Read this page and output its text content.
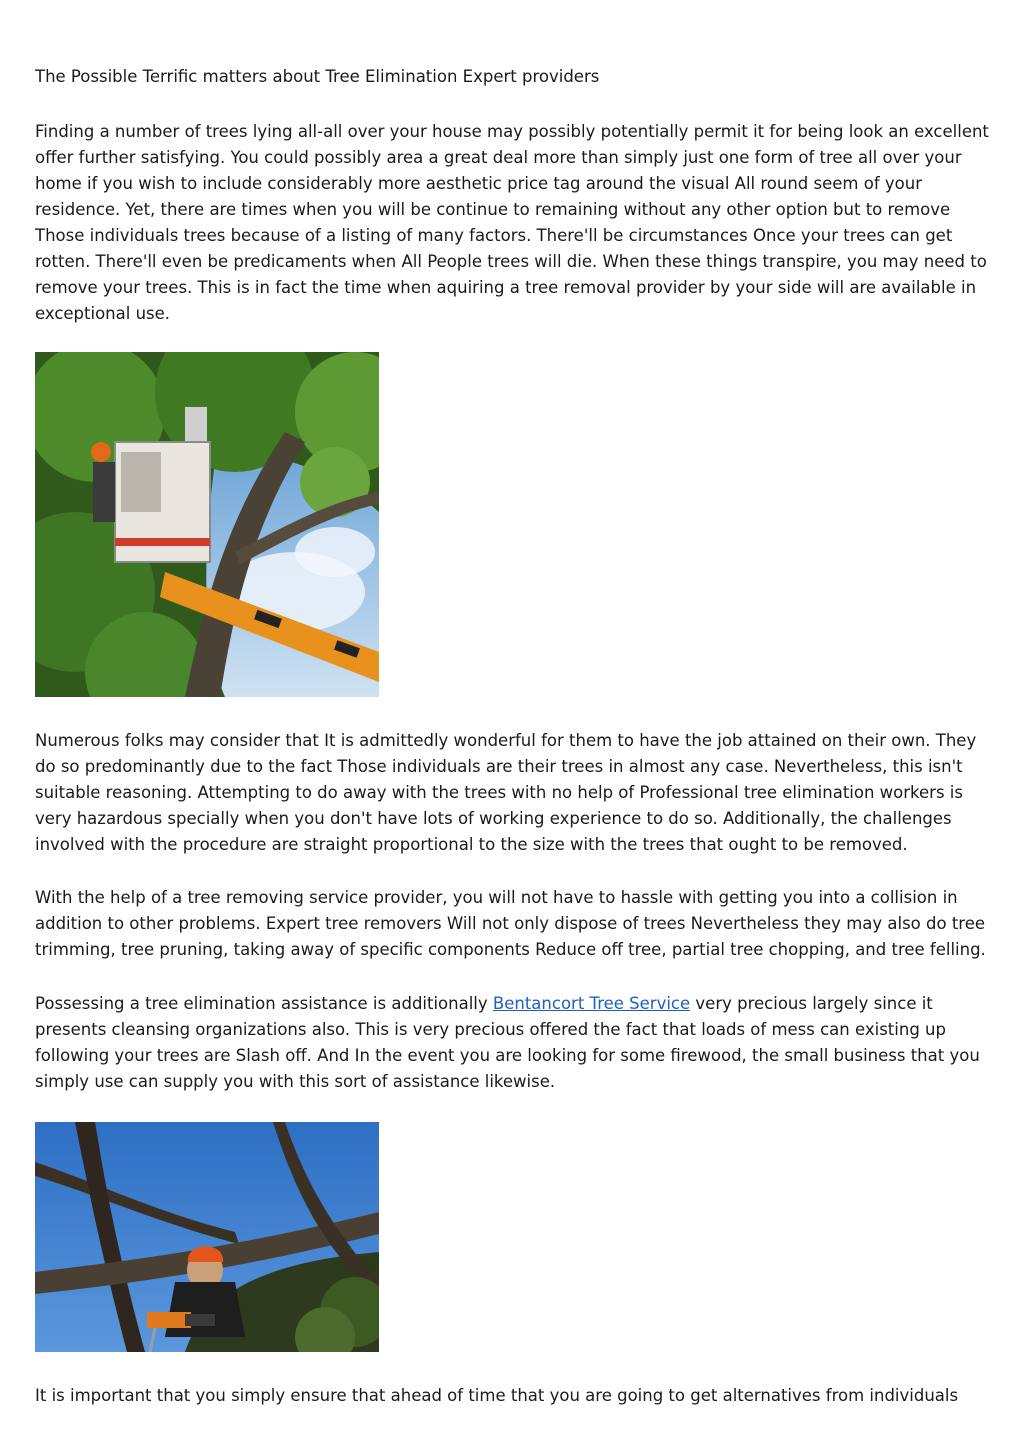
The Possible Terrific matters about Tree Elimination Expert providers

Finding a number of trees lying all-all over your house may possibly potentially permit it for being look an excellent offer further satisfying. You could possibly area a great deal more than simply just one form of tree all over your home if you wish to include considerably more aesthetic price tag around the visual All round seem of your residence. Yet, there are times when you will be continue to remaining without any other option but to remove Those individuals trees because of a listing of many factors. There'll be circumstances Once your trees can get rotten. There'll even be predicaments when All People trees will die. When these things transpire, you may need to remove your trees. This is in fact the time when aquiring a tree removal provider by your side will are available in exceptional use.

Numerous folks may consider that It is admittedly wonderful for them to have the job attained on their own. They do so predominantly due to the fact Those individuals are their trees in almost any case. Nevertheless, this isn't suitable reasoning. Attempting to do away with the trees with no help of Professional tree elimination workers is very hazardous specially when you don't have lots of working experience to do so. Additionally, the challenges involved with the procedure are straight proportional to the size with the trees that ought to be removed.

With the help of a tree removing service provider, you will not have to hassle with getting you into a collision in addition to other problems. Expert tree removers Will not only dispose of trees Nevertheless they may also do tree trimming, tree pruning, taking away of specific components Reduce off tree, partial tree chopping, and tree felling.

Possessing a tree elimination assistance is additionally Bentancort Tree Service very precious largely since it presents cleansing organizations also. This is very precious offered the fact that loads of mess can existing up following your trees are Slash off. And In the event you are looking for some firewood, the small business that you simply use can supply you with this sort of assistance likewise.

It is important that you simply ensure that ahead of time that you are going to get alternatives from individuals
